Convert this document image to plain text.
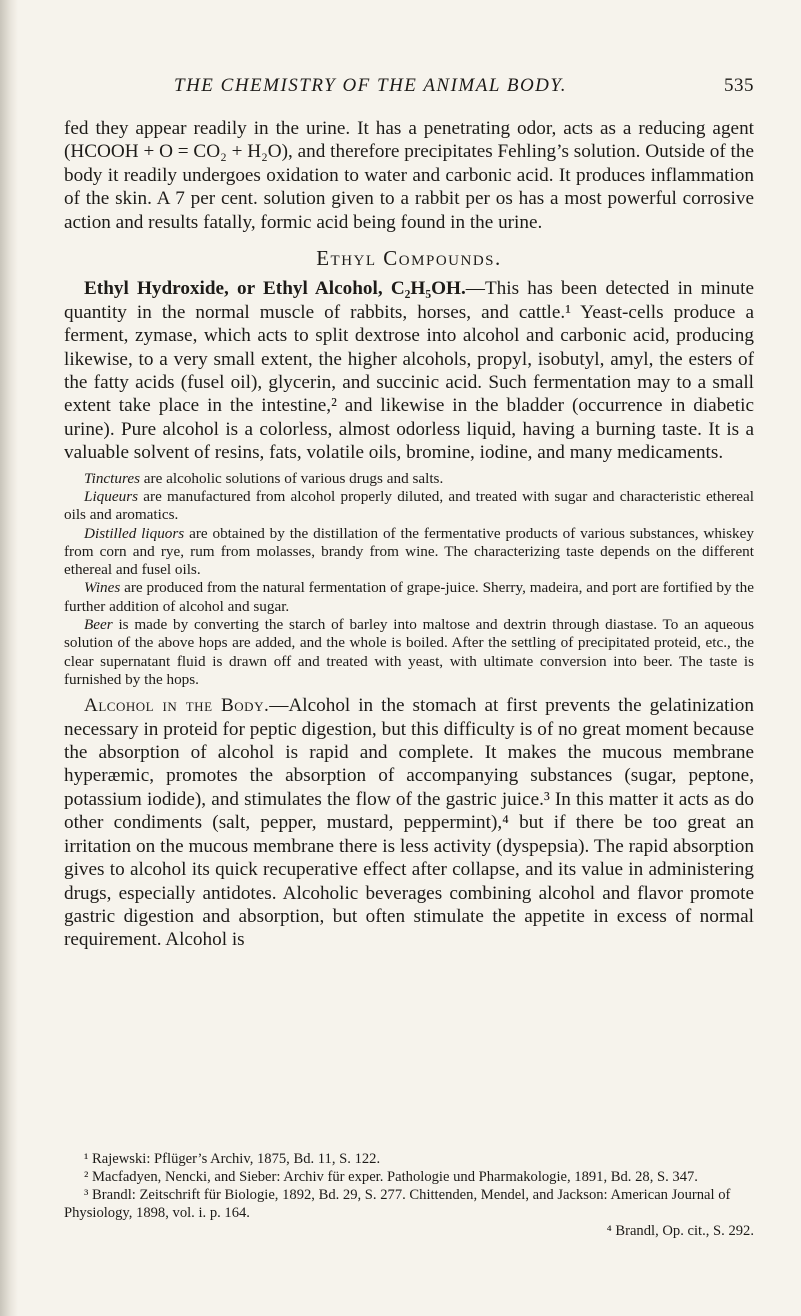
THE CHEMISTRY OF THE ANIMAL BODY.	535

fed they appear readily in the urine. It has a penetrating odor, acts as a reducing agent (HCOOH + O = CO₂ + H₂O), and therefore precipitates Fehling’s solution. Outside of the body it readily undergoes oxidation to water and carbonic acid. It produces inflammation of the skin. A 7 per cent. solution given to a rabbit per os has a most powerful corrosive action and results fatally, formic acid being found in the urine.

Ethyl Compounds.

Ethyl Hydroxide, or Ethyl Alcohol, C₂H₅OH.—This has been detected in minute quantity in the normal muscle of rabbits, horses, and cattle.¹ Yeast-cells produce a ferment, zymase, which acts to split dextrose into alcohol and carbonic acid, producing likewise, to a very small extent, the higher alcohols, propyl, isobutyl, amyl, the esters of the fatty acids (fusel oil), glycerin, and succinic acid. Such fermentation may to a small extent take place in the intestine,² and likewise in the bladder (occurrence in diabetic urine). Pure alcohol is a colorless, almost odorless liquid, having a burning taste. It is a valuable solvent of resins, fats, volatile oils, bromine, iodine, and many medicaments.

Tinctures are alcoholic solutions of various drugs and salts.

Liqueurs are manufactured from alcohol properly diluted, and treated with sugar and characteristic ethereal oils and aromatics.

Distilled liquors are obtained by the distillation of the fermentative products of various substances, whiskey from corn and rye, rum from molasses, brandy from wine. The characterizing taste depends on the different ethereal and fusel oils.

Wines are produced from the natural fermentation of grape-juice. Sherry, madeira, and port are fortified by the further addition of alcohol and sugar.

Beer is made by converting the starch of barley into maltose and dextrin through diastase. To an aqueous solution of the above hops are added, and the whole is boiled. After the settling of precipitated proteid, etc., the clear supernatant fluid is drawn off and treated with yeast, with ultimate conversion into beer. The taste is furnished by the hops.

Alcohol in the Body.—Alcohol in the stomach at first prevents the gelatinization necessary in proteid for peptic digestion, but this difficulty is of no great moment because the absorption of alcohol is rapid and complete. It makes the mucous membrane hyperæmic, promotes the absorption of accompanying substances (sugar, peptone, potassium iodide), and stimulates the flow of the gastric juice.³ In this matter it acts as do other condiments (salt, pepper, mustard, peppermint),⁴ but if there be too great an irritation on the mucous membrane there is less activity (dyspepsia). The rapid absorption gives to alcohol its quick recuperative effect after collapse, and its value in administering drugs, especially antidotes. Alcoholic beverages combining alcohol and flavor promote gastric digestion and absorption, but often stimulate the appetite in excess of normal requirement. Alcohol is

¹ Rajewski: Pflüger’s Archiv, 1875, Bd. 11, S. 122.

² Macfadyen, Nencki, and Sieber: Archiv für exper. Pathologie und Pharmakologie, 1891, Bd. 28, S. 347.

³ Brandl: Zeitschrift für Biologie, 1892, Bd. 29, S. 277. Chittenden, Mendel, and Jackson: American Journal of Physiology, 1898, vol. i. p. 164.

⁴ Brandl, Op. cit., S. 292.
